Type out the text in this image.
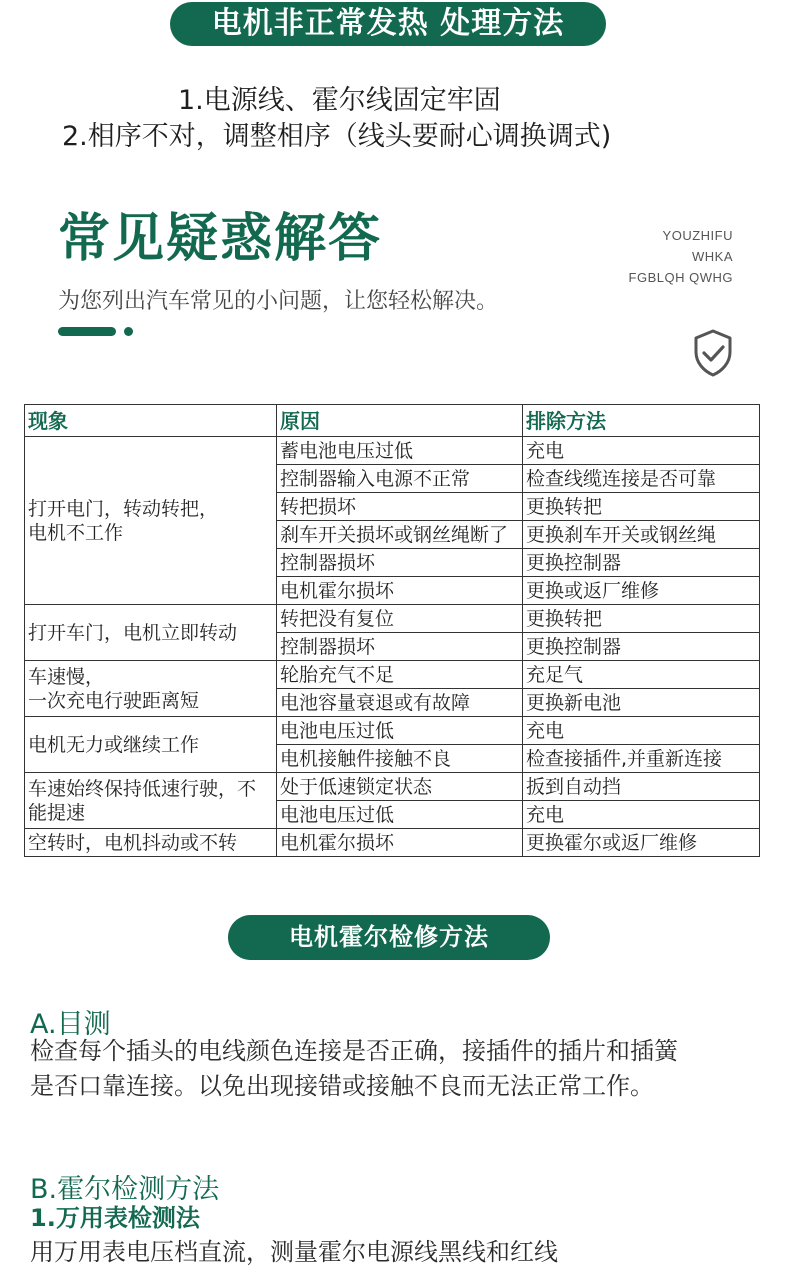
电机非正常发热 处理方法
1.电源线、霍尔线固定牢固
2.相序不对，调整相序（线头要耐心调换调式)
常见疑惑解答	YOUZHIFU
WHKA
FGBLQH QWHG
为您列出汽车常见的小问题，让您轻松解决。
现象	原因	排除方法
打开电门，转动转把，
电机不工作	蓄电池电压过低	充电
	控制器输入电源不正常	检查线缆连接是否可靠
	转把损坏	更换转把
	刹车开关损坏或钢丝绳断了	更换刹车开关或钢丝绳
	控制器损坏	更换控制器
	电机霍尔损坏	更换或返厂维修
打开车门，电机立即转动	转把没有复位	更换转把
	控制器损坏	更换控制器
车速慢，
一次充电行驶距离短	轮胎充气不足	充足气
	电池容量衰退或有故障	更换新电池
电机无力或继续工作	电池电压过低	充电
	电机接触件接触不良	检查接插件,并重新连接
车速始终保持低速行驶，不
能提速	处于低速锁定状态	扳到自动挡
	电池电压过低	充电
空转时，电机抖动或不转	电机霍尔损坏	更换霍尔或返厂维修
电机霍尔检修方法
A.目测
检查每个插头的电线颜色连接是否正确，接插件的插片和插簧是否口靠连接。以免出现接错或接触不良而无法正常工作。
B.霍尔检测方法
1.万用表检测法
用万用表电压档直流，测量霍尔电源线黑线和红线
